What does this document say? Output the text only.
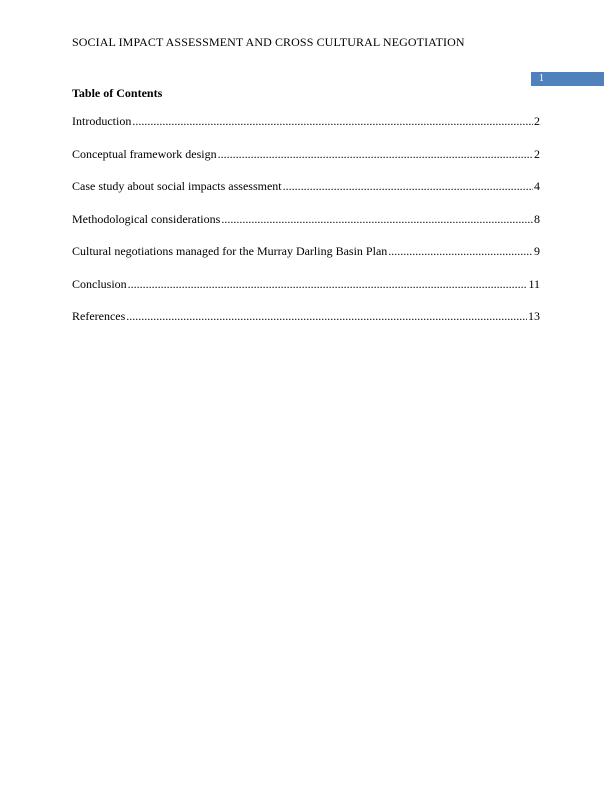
SOCIAL IMPACT ASSESSMENT AND CROSS CULTURAL NEGOTIATION
1
Table of Contents
Introduction .....	2
Conceptual framework design .....	2
Case study about social impacts assessment .....	4
Methodological considerations .....	8
Cultural negotiations managed for the Murray Darling Basin Plan .....	9
Conclusion .....	11
References .....	13
